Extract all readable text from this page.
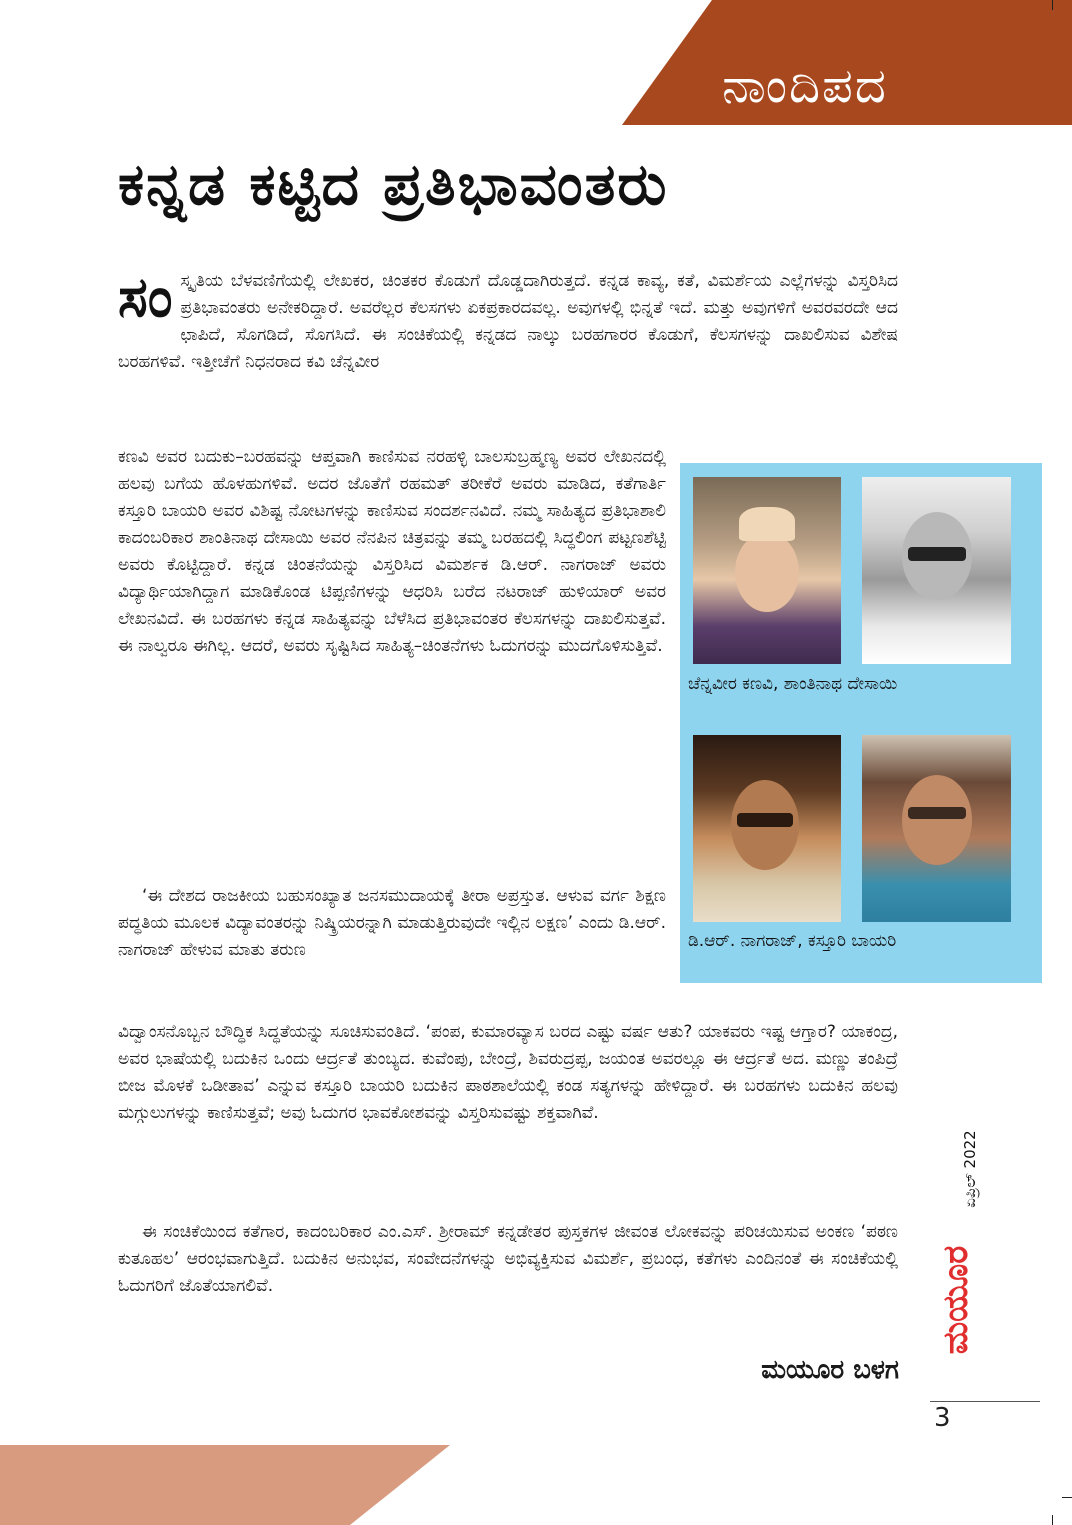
ನಾಂದಿಪದ
ಕನ್ನಡ ಕಟ್ಟಿದ ಪ್ರತಿಭಾವಂತರು

ಸಂಸ್ಕೃತಿಯ ಬೆಳವಣಿಗೆಯಲ್ಲಿ ಲೇಖಕರ, ಚಿಂತಕರ ಕೊಡುಗೆ ದೊಡ್ಡದಾಗಿರುತ್ತದೆ. ಕನ್ನಡ ಕಾವ್ಯ, ಕತೆ, ವಿಮರ್ಶೆಯ ಎಲ್ಲೆಗಳನ್ನು ವಿಸ್ತರಿಸಿದ ಪ್ರತಿಭಾವಂತರು ಅನೇಕರಿದ್ದಾರೆ. ಅವರೆಲ್ಲರ ಕೆಲಸಗಳು ಏಕಪ್ರಕಾರದವಲ್ಲ. ಅವುಗಳಲ್ಲಿ ಭಿನ್ನತೆ ಇದೆ. ಮತ್ತು ಅವುಗಳಿಗೆ ಅವರವರದೇ ಆದ ಛಾಪಿದೆ, ಸೊಗಡಿದೆ, ಸೊಗಸಿದೆ. ಈ ಸಂಚಿಕೆಯಲ್ಲಿ ಕನ್ನಡದ ನಾಲ್ಕು ಬರಹಗಾರರ ಕೊಡುಗೆ, ಕೆಲಸಗಳನ್ನು ದಾಖಲಿಸುವ ವಿಶೇಷ ಬರಹಗಳಿವೆ. ಇತ್ತೀಚೆಗೆ ನಿಧನರಾದ ಕವಿ ಚೆನ್ನವೀರ

ಕಣವಿ ಅವರ ಬದುಕು–ಬರಹವನ್ನು ಆಪ್ತವಾಗಿ ಕಾಣಿಸುವ ನರಹಳ್ಳಿ ಬಾಲಸುಬ್ರಹ್ಮಣ್ಯ ಅವರ ಲೇಖನದಲ್ಲಿ ಹಲವು ಬಗೆಯ ಹೊಳಹುಗಳಿವೆ. ಅದರ ಜೊತೆಗೆ ರಹಮತ್ ತರೀಕೆರೆ ಅವರು ಮಾಡಿದ, ಕತೆಗಾರ್ತಿ ಕಸ್ತೂರಿ ಬಾಯರಿ ಅವರ ವಿಶಿಷ್ಟ ನೋಟಗಳನ್ನು ಕಾಣಿಸುವ ಸಂದರ್ಶನವಿದೆ. ನಮ್ಮ ಸಾಹಿತ್ಯದ ಪ್ರತಿಭಾಶಾಲಿ ಕಾದಂಬರಿಕಾರ ಶಾಂತಿನಾಥ ದೇಸಾಯಿ ಅವರ ನೆನಪಿನ ಚಿತ್ರವನ್ನು ತಮ್ಮ ಬರಹದಲ್ಲಿ ಸಿದ್ಧಲಿಂಗ ಪಟ್ಟಣಶೆಟ್ಟಿ ಅವರು ಕೊಟ್ಟಿದ್ದಾರೆ. ಕನ್ನಡ ಚಿಂತನೆಯನ್ನು ವಿಸ್ತರಿಸಿದ ವಿಮರ್ಶಕ ಡಿ.ಆರ್. ನಾಗರಾಜ್ ಅವರು ವಿದ್ಯಾರ್ಥಿಯಾಗಿದ್ದಾಗ ಮಾಡಿಕೊಂಡ ಟಿಪ್ಪಣಿಗಳನ್ನು ಆಧರಿಸಿ ಬರೆದ ನಟರಾಜ್ ಹುಳಿಯಾರ್ ಅವರ ಲೇಖನವಿದೆ. ಈ ಬರಹಗಳು ಕನ್ನಡ ಸಾಹಿತ್ಯವನ್ನು ಬೆಳೆಸಿದ ಪ್ರತಿಭಾವಂತರ ಕೆಲಸಗಳನ್ನು ದಾಖಲಿಸುತ್ತವೆ. ಈ ನಾಲ್ವರೂ ಈಗಿಲ್ಲ. ಆದರೆ, ಅವರು ಸೃಷ್ಟಿಸಿದ ಸಾಹಿತ್ಯ–ಚಿಂತನೆಗಳು ಓದುಗರನ್ನು ಮುದಗೊಳಿಸುತ್ತಿವೆ.

‘ಈ ದೇಶದ ರಾಜಕೀಯ ಬಹುಸಂಖ್ಯಾತ ಜನಸಮುದಾಯಕ್ಕೆ ತೀರಾ ಅಪ್ರಸ್ತುತ. ಆಳುವ ವರ್ಗ ಶಿಕ್ಷಣ ಪದ್ಧತಿಯ ಮೂಲಕ ವಿದ್ಯಾವಂತರನ್ನು ನಿಷ್ಕ್ರಿಯರನ್ನಾಗಿ ಮಾಡುತ್ತಿರುವುದೇ ಇಲ್ಲಿನ ಲಕ್ಷಣ’ ಎಂದು ಡಿ.ಆರ್. ನಾಗರಾಜ್ ಹೇಳುವ ಮಾತು ತರುಣ

ವಿದ್ವಾಂಸನೊಬ್ಬನ ಬೌದ್ಧಿಕ ಸಿದ್ಧತೆಯನ್ನು ಸೂಚಿಸುವಂತಿದೆ. ‘ಪಂಪ, ಕುಮಾರವ್ಯಾಸ ಬರದ ಎಷ್ಟು ವರ್ಷ ಆತು? ಯಾಕವರು ಇಷ್ಟ ಆಗ್ತಾರ? ಯಾಕಂದ್ರ, ಅವರ ಭಾಷೆಯಲ್ಲಿ ಬದುಕಿನ ಒಂದು ಆರ್ದ್ರತೆ ತುಂಬ್ಯದ. ಕುವೆಂಪು, ಬೇಂದ್ರೆ, ಶಿವರುದ್ರಪ್ಪ, ಜಯಂತ ಅವರಲ್ಲೂ ಈ ಆರ್ದ್ರತೆ ಅದ. ಮಣ್ಣು ತಂಪಿದ್ರೆ ಬೀಜ ಮೊಳಕೆ ಒಡೀತಾವ’ ಎನ್ನುವ ಕಸ್ತೂರಿ ಬಾಯರಿ ಬದುಕಿನ ಪಾಠಶಾಲೆಯಲ್ಲಿ ಕಂಡ ಸತ್ಯಗಳನ್ನು ಹೇಳಿದ್ದಾರೆ. ಈ ಬರಹಗಳು ಬದುಕಿನ ಹಲವು ಮಗ್ಗುಲುಗಳನ್ನು ಕಾಣಿಸುತ್ತವೆ; ಅವು ಓದುಗರ ಭಾವಕೋಶವನ್ನು ವಿಸ್ತರಿಸುವಷ್ಟು ಶಕ್ತವಾಗಿವೆ.

ಈ ಸಂಚಿಕೆಯಿಂದ ಕತೆಗಾರ, ಕಾದಂಬರಿಕಾರ ಎಂ.ಎಸ್. ಶ್ರೀರಾಮ್ ಕನ್ನಡೇತರ ಪುಸ್ತಕಗಳ ಜೀವಂತ ಲೋಕವನ್ನು ಪರಿಚಯಿಸುವ ಅಂಕಣ ‘ಪಠಣ ಕುತೂಹಲ’ ಆರಂಭವಾಗುತ್ತಿದೆ. ಬದುಕಿನ ಅನುಭವ, ಸಂವೇದನೆಗಳನ್ನು ಅಭಿವ್ಯಕ್ತಿಸುವ ವಿಮರ್ಶೆ, ಪ್ರಬಂಧ, ಕತೆಗಳು ಎಂದಿನಂತೆ ಈ ಸಂಚಿಕೆಯಲ್ಲಿ ಓದುಗರಿಗೆ ಜೊತೆಯಾಗಲಿವೆ.

ಚೆನ್ನವೀರ ಕಣವಿ, ಶಾಂತಿನಾಥ ದೇಸಾಯಿ

ಡಿ.ಆರ್. ನಾಗರಾಜ್, ಕಸ್ತೂರಿ ಬಾಯರಿ

ಮಯೂರ ಬಳಗ

ಏಪ್ರಿಲ್ 2022
ಮಯೂರ

3
